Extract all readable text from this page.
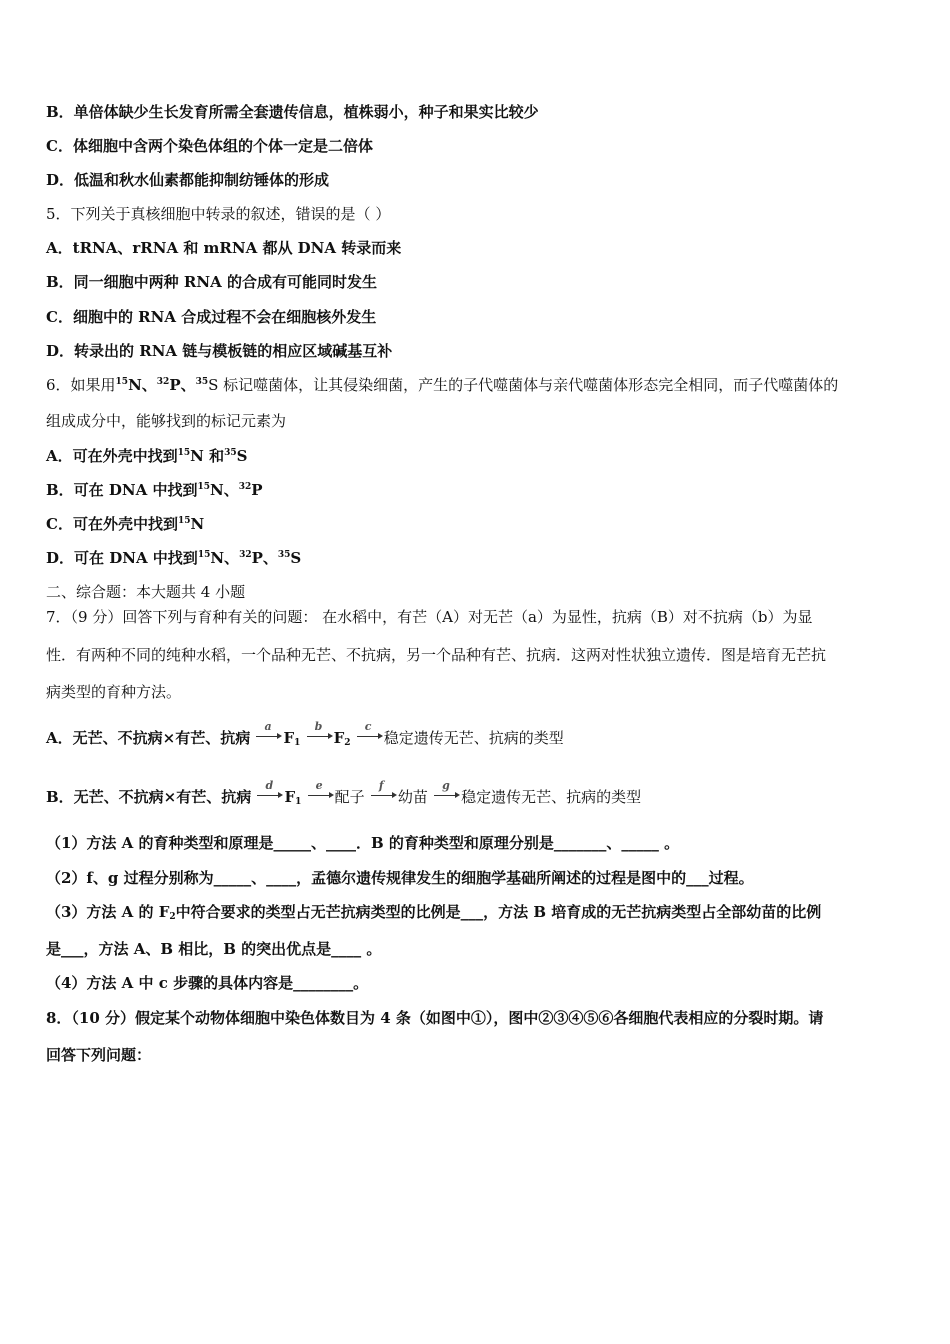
B．单倍体缺少生长发育所需全套遗传信息，植株弱小，种子和果实比较少
C．体细胞中含两个染色体组的个体一定是二倍体
D．低温和秋水仙素都能抑制纺锤体的形成
5．下列关于真核细胞中转录的叙述，错误的是（ ）
A．tRNA、rRNA 和 mRNA 都从 DNA 转录而来
B．同一细胞中两种 RNA 的合成有可能同时发生
C．细胞中的 RNA 合成过程不会在细胞核外发生
D．转录出的 RNA 链与模板链的相应区域碱基互补
6．如果用$^{15}$N、$^{32}$P、$^{35}$S 标记噬菌体，让其侵染细菌，产生的子代噬菌体与亲代噬菌体形态完全相同，而子代噬菌体的
组成成分中，能够找到的标记元素为
A．可在外壳中找到$^{15}$N 和$^{35}$S
B．可在 DNA 中找到$^{15}$N、$^{32}$P
C．可在外壳中找到$^{15}$N
D．可在 DNA 中找到$^{15}$N、$^{32}$P、$^{35}$S
二、综合题：本大题共 4 小题
7．（9 分）回答下列与育种有关的问题： 在水稻中，有芒（A）对无芒（a）为显性，抗病（B）对不抗病（b）为显
性．有两种不同的纯种水稻，一个品种无芒、不抗病，另一个品种有芒、抗病．这两对性状独立遗传．图是培育无芒抗
病类型的育种方法。
A．无芒、不抗病×有芒、抗病
a
$F_1$
b
$F_2$
c
稳定遗传无芒、抗病的类型
B．无芒、不抗病×有芒、抗病
d
$F_1$
e
配子
f
幼苗
g
稳定遗传无芒、抗病的类型
（1）方法 A 的育种类型和原理是_____、____．B 的育种类型和原理分别是_______、_____ 。
（2）f、g 过程分别称为_____、____，孟德尔遗传规律发生的细胞学基础所阐述的过程是图中的___过程。
（3）方法 A 的 $F_2$中符合要求的类型占无芒抗病类型的比例是___，方法 B 培育成的无芒抗病类型占全部幼苗的比例
是___，方法 A、B 相比，B 的突出优点是____ 。
（4）方法 A 中 c 步骤的具体内容是________。
8．（10 分）假定某个动物体细胞中染色体数目为 4 条（如图中①），图中②③④⑤⑥各细胞代表相应的分裂时期。请
回答下列问题：
